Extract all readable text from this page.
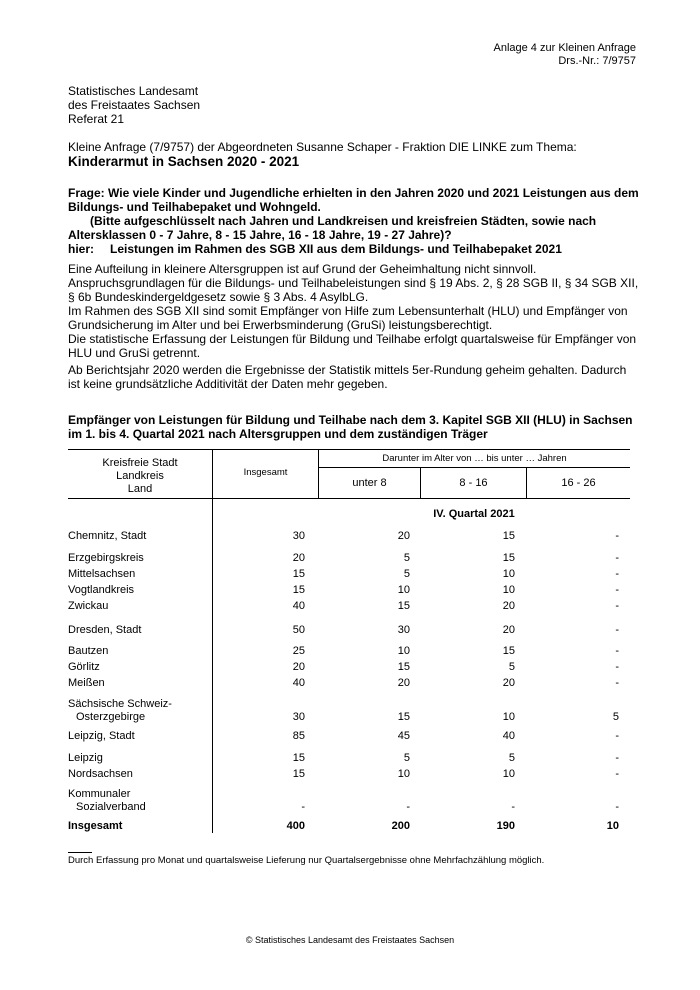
Anlage 4 zur Kleinen Anfrage
Drs.-Nr.: 7/9757
Statistisches Landesamt
des Freistaates Sachsen
Referat 21
Kleine Anfrage (7/9757) der Abgeordneten Susanne Schaper - Fraktion DIE LINKE zum Thema:
Kinderarmut in Sachsen 2020 - 2021
Frage: Wie viele Kinder und Jugendliche erhielten in den Jahren 2020 und 2021 Leistungen aus dem
Bildungs- und Teilhabepaket und Wohngeld.
(Bitte aufgeschlüsselt nach Jahren und Landkreisen und kreisfreien Städten, sowie nach
Altersklassen 0 - 7 Jahre, 8 - 15 Jahre, 16 - 18 Jahre, 19 - 27 Jahre)?
hier: Leistungen im Rahmen des SGB XII aus dem Bildungs- und Teilhabepaket 2021
Eine Aufteilung in kleinere Altersgruppen ist auf Grund der Geheimhaltung nicht sinnvoll.
Anspruchsgrundlagen für die Bildungs- und Teilhabeleistungen sind § 19 Abs. 2, § 28 SGB II, § 34 SGB XII,
§ 6b Bundeskindergeldgesetz sowie § 3 Abs. 4 AsylbLG.
Im Rahmen des SGB XII sind somit Empfänger von Hilfe zum Lebensunterhalt (HLU) und Empfänger von
Grundsicherung im Alter und bei Erwerbsminderung (GruSi) leistungsberechtigt.
Die statistische Erfassung der Leistungen für Bildung und Teilhabe erfolgt quartalsweise für Empfänger von
HLU und GruSi getrennt.
Ab Berichtsjahr 2020 werden die Ergebnisse der Statistik mittels 5er-Rundung geheim gehalten. Dadurch
ist keine grundsätzliche Additivität der Daten mehr gegeben.
Empfänger von Leistungen für Bildung und Teilhabe nach dem 3. Kapitel SGB XII (HLU) in Sachsen
im 1. bis 4. Quartal 2021 nach Altersgruppen und dem zuständigen Träger
Kreisfreie Stadt
Landkreis
Land
Insgesamt
Darunter im Alter von … bis unter … Jahren
unter 8	8 - 16	16 - 26
IV. Quartal 2021
Chemnitz, Stadt	30	20	15	-
Erzgebirgskreis	20	5	15	-
Mittelsachsen	15	5	10	-
Vogtlandkreis	15	10	10	-
Zwickau	40	15	20	-
Dresden, Stadt	50	30	20	-
Bautzen	25	10	15	-
Görlitz	20	15	5	-
Meißen	40	20	20	-
Sächsische Schweiz-
Osterzgebirge	30	15	10	5
Leipzig, Stadt	85	45	40	-
Leipzig	15	5	5	-
Nordsachsen	15	10	10	-
Kommunaler
Sozialverband	-	-	-	-
Insgesamt	400	200	190	10
Durch Erfassung pro Monat und quartalsweise Lieferung nur Quartalsergebnisse ohne Mehrfachzählung möglich.
© Statistisches Landesamt des Freistaates Sachsen
